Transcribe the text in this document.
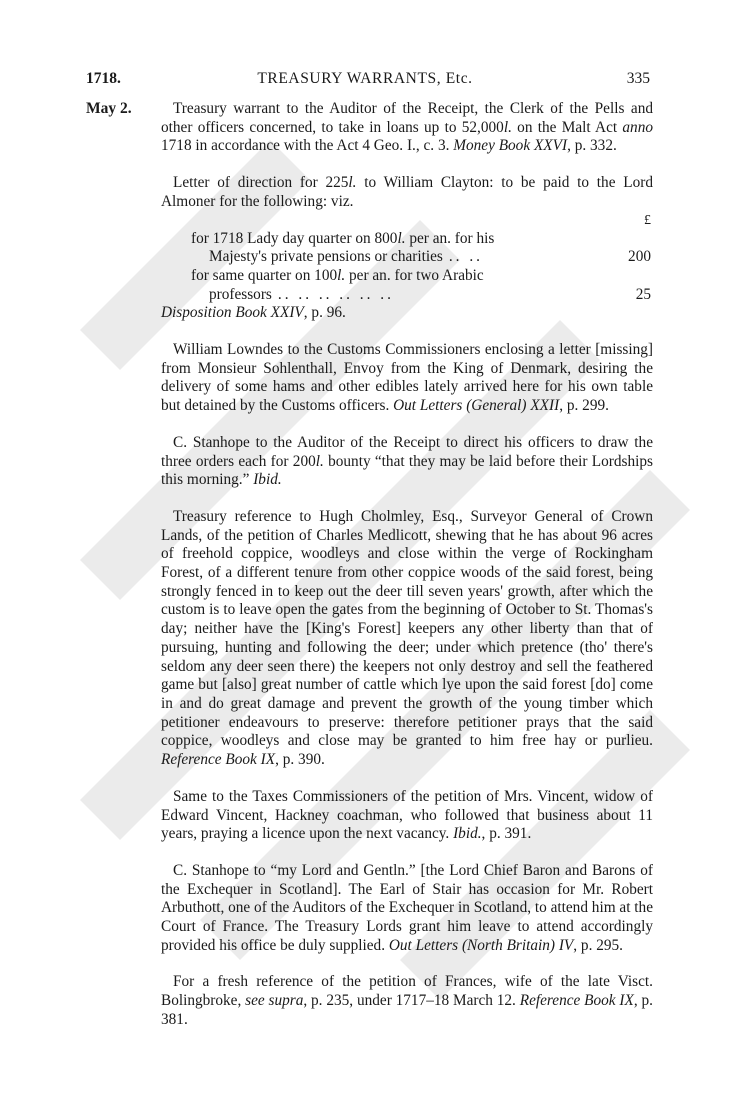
1718.	TREASURY WARRANTS, Etc.	335
May 2.	Treasury warrant to the Auditor of the Receipt, the Clerk of the Pells and other officers concerned, to take in loans up to 52,000l. on the Malt Act anno 1718 in accordance with the Act 4 Geo. I., c. 3. Money Book XXVI, p. 332.

Letter of direction for 225l. to William Clayton: to be paid to the Lord Almoner for the following: viz.

£
for 1718 Lady day quarter on 800l. per an. for his
Majesty's private pensions or charities .. ..	200
for same quarter on 100l. per an. for two Arabic
professors .. .. .. .. .. ..	25
Disposition Book XXIV, p. 96.

William Lowndes to the Customs Commissioners enclosing a letter [missing] from Monsieur Sohlenthall, Envoy from the King of Denmark, desiring the delivery of some hams and other edibles lately arrived here for his own table but detained by the Customs officers. Out Letters (General) XXII, p. 299.

C. Stanhope to the Auditor of the Receipt to direct his officers to draw the three orders each for 200l. bounty “that they may be laid before their Lordships this morning.” Ibid.

Treasury reference to Hugh Cholmley, Esq., Surveyor General of Crown Lands, of the petition of Charles Medlicott, shewing that he has about 96 acres of freehold coppice, woodleys and close within the verge of Rockingham Forest, of a different tenure from other coppice woods of the said forest, being strongly fenced in to keep out the deer till seven years' growth, after which the custom is to leave open the gates from the beginning of October to St. Thomas's day; neither have the [King's Forest] keepers any other liberty than that of pursuing, hunting and following the deer; under which pretence (tho' there's seldom any deer seen there) the keepers not only destroy and sell the feathered game but [also] great number of cattle which lye upon the said forest [do] come in and do great damage and prevent the growth of the young timber which petitioner endeavours to preserve: therefore petitioner prays that the said coppice, woodleys and close may be granted to him free hay or purlieu. Reference Book IX, p. 390.

Same to the Taxes Commissioners of the petition of Mrs. Vincent, widow of Edward Vincent, Hackney coachman, who followed that business about 11 years, praying a licence upon the next vacancy. Ibid., p. 391.

C. Stanhope to “my Lord and Gentln.” [the Lord Chief Baron and Barons of the Exchequer in Scotland]. The Earl of Stair has occasion for Mr. Robert Arbuthott, one of the Auditors of the Exchequer in Scotland, to attend him at the Court of France. The Treasury Lords grant him leave to attend accordingly provided his office be duly supplied. Out Letters (North Britain) IV, p. 295.

For a fresh reference of the petition of Frances, wife of the late Visct. Bolingbroke, see supra, p. 235, under 1717–18 March 12. Reference Book IX, p. 381.
